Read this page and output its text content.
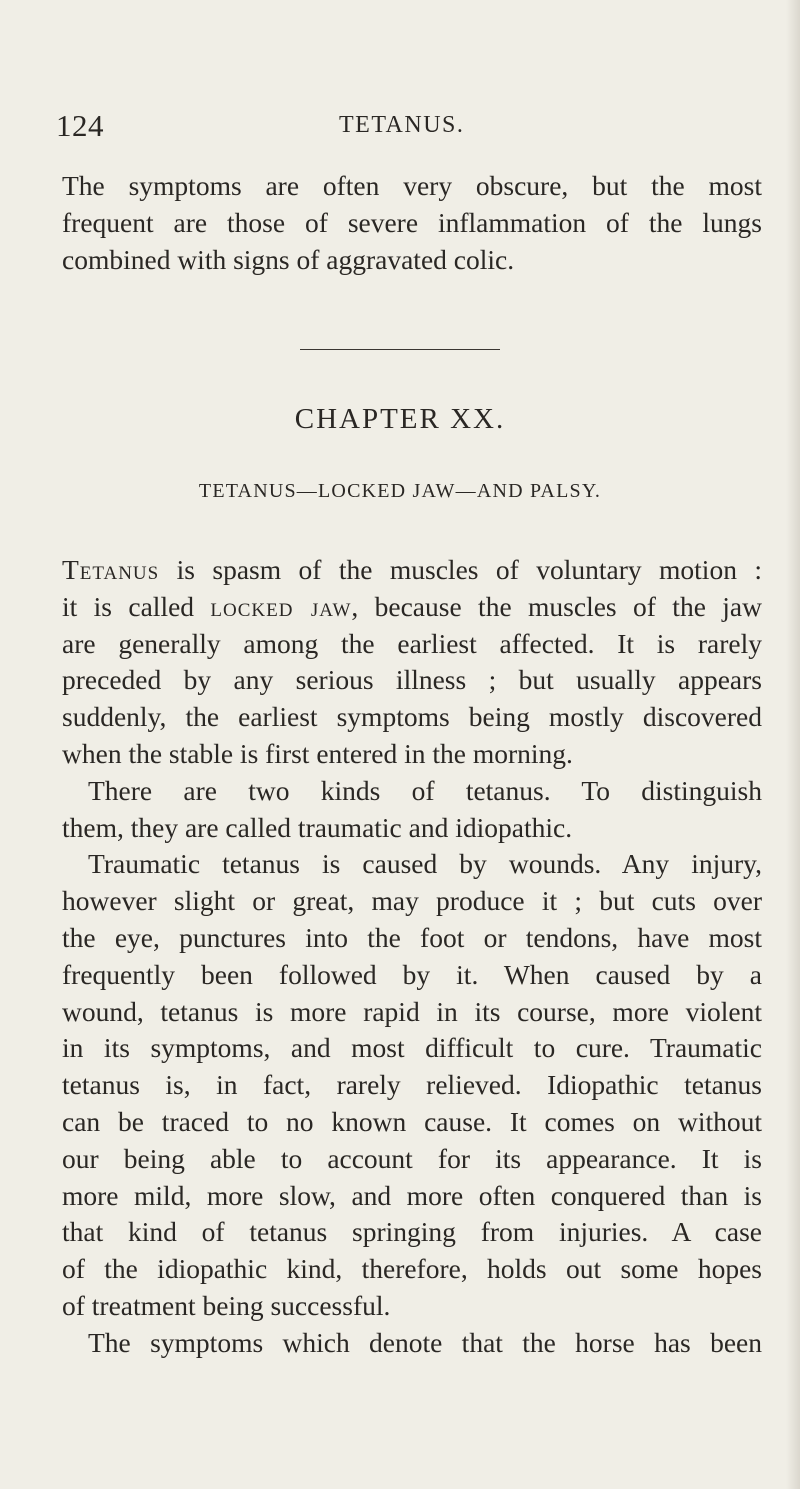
124	TETANUS.

The symptoms are often very obscure, but the most
frequent are those of severe inflammation of the lungs
combined with signs of aggravated colic.

CHAPTER XX.
TETANUS—LOCKED JAW—AND PALSY.
Tetanus is spasm of the muscles of voluntary motion :
it is called locked jaw, because the muscles of the jaw
are generally among the earliest affected. It is rarely
preceded by any serious illness ; but usually appears
suddenly, the earliest symptoms being mostly discovered
when the stable is first entered in the morning.
There are two kinds of tetanus. To distinguish
them, they are called traumatic and idiopathic.
Traumatic tetanus is caused by wounds. Any injury,
however slight or great, may produce it ; but cuts over
the eye, punctures into the foot or tendons, have most
frequently been followed by it. When caused by a
wound, tetanus is more rapid in its course, more violent
in its symptoms, and most difficult to cure. Traumatic
tetanus is, in fact, rarely relieved. Idiopathic tetanus
can be traced to no known cause. It comes on without
our being able to account for its appearance. It is
more mild, more slow, and more often conquered than is
that kind of tetanus springing from injuries. A case
of the idiopathic kind, therefore, holds out some hopes
of treatment being successful.
The symptoms which denote that the horse has been
